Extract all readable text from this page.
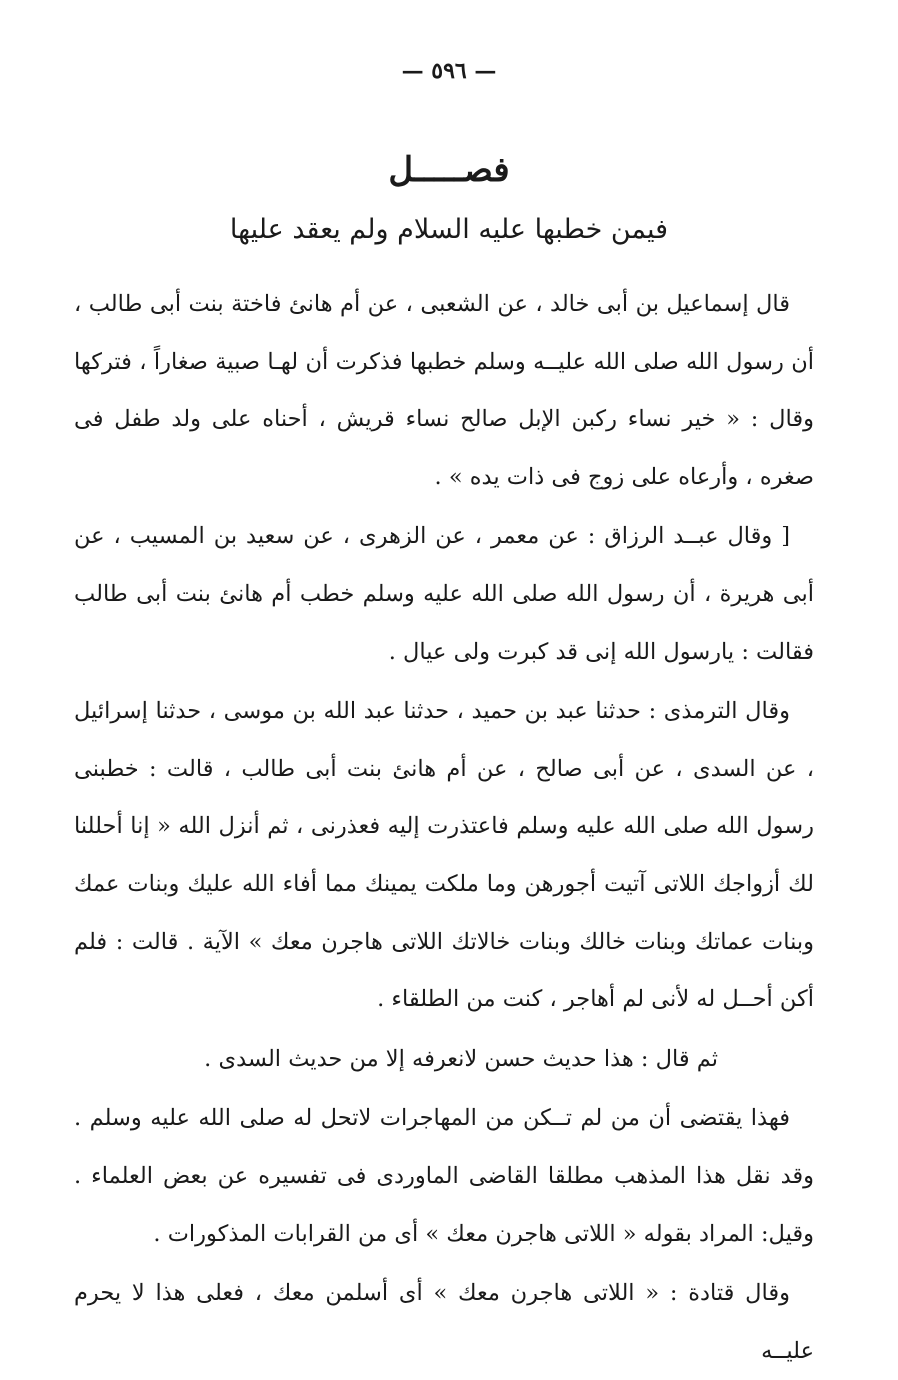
— ٥٩٦ —
فصـــــل
فيمن خطبها عليه السلام ولم يعقد عليها

قال إسماعيل بن أبى خالد ، عن الشعبى ، عن أم هانئ فاختة بنت أبى طالب ، أن رسول الله صلى الله عليــه وسلم خطبها فذكرت أن لهـا صبية صغاراً ، فتركها وقال : « خير نساء ركبن الإبل صالح نساء قريش ، أحناه على ولد طفل فى صغره ، وأرعاه على زوج فى ذات يده » .

[ وقال عبــد الرزاق : عن معمر ، عن الزهرى ، عن سعيد بن المسيب ، عن أبى هريرة ، أن رسول الله صلى الله عليه وسلم خطب أم هانئ بنت أبى طالب فقالت : يارسول الله إنى قد كبرت ولى عيال .

وقال الترمذى : حدثنا عبد بن حميد ، حدثنا عبد الله بن موسى ، حدثنا إسرائيل ، عن السدى ، عن أبى صالح ، عن أم هانئ بنت أبى طالب ، قالت : خطبنى رسول الله صلى الله عليه وسلم فاعتذرت إليه فعذرنى ، ثم أنزل الله « إنا أحللنا لك أزواجك اللاتى آتيت أجورهن وما ملكت يمينك مما أفاء الله عليك وبنات عمك وبنات عماتك وبنات خالك وبنات خالاتك اللاتى هاجرن معك » الآية . قالت : فلم أكن أحــل له لأنى لم أهاجر ، كنت من الطلقاء .

ثم قال : هذا حديث حسن لانعرفه إلا من حديث السدى .

فهذا يقتضى أن من لم تــكن من المهاجرات لاتحل له صلى الله عليه وسلم . وقد نقل هذا المذهب مطلقا القاضى الماوردى فى تفسيره عن بعض العلماء . وقيل: المراد بقوله « اللاتى هاجرن معك » أى من القرابات المذكورات .

وقال قتادة : « اللاتى هاجرن معك » أى أسلمن معك ، فعلى هذا لا يحرم عليــه
